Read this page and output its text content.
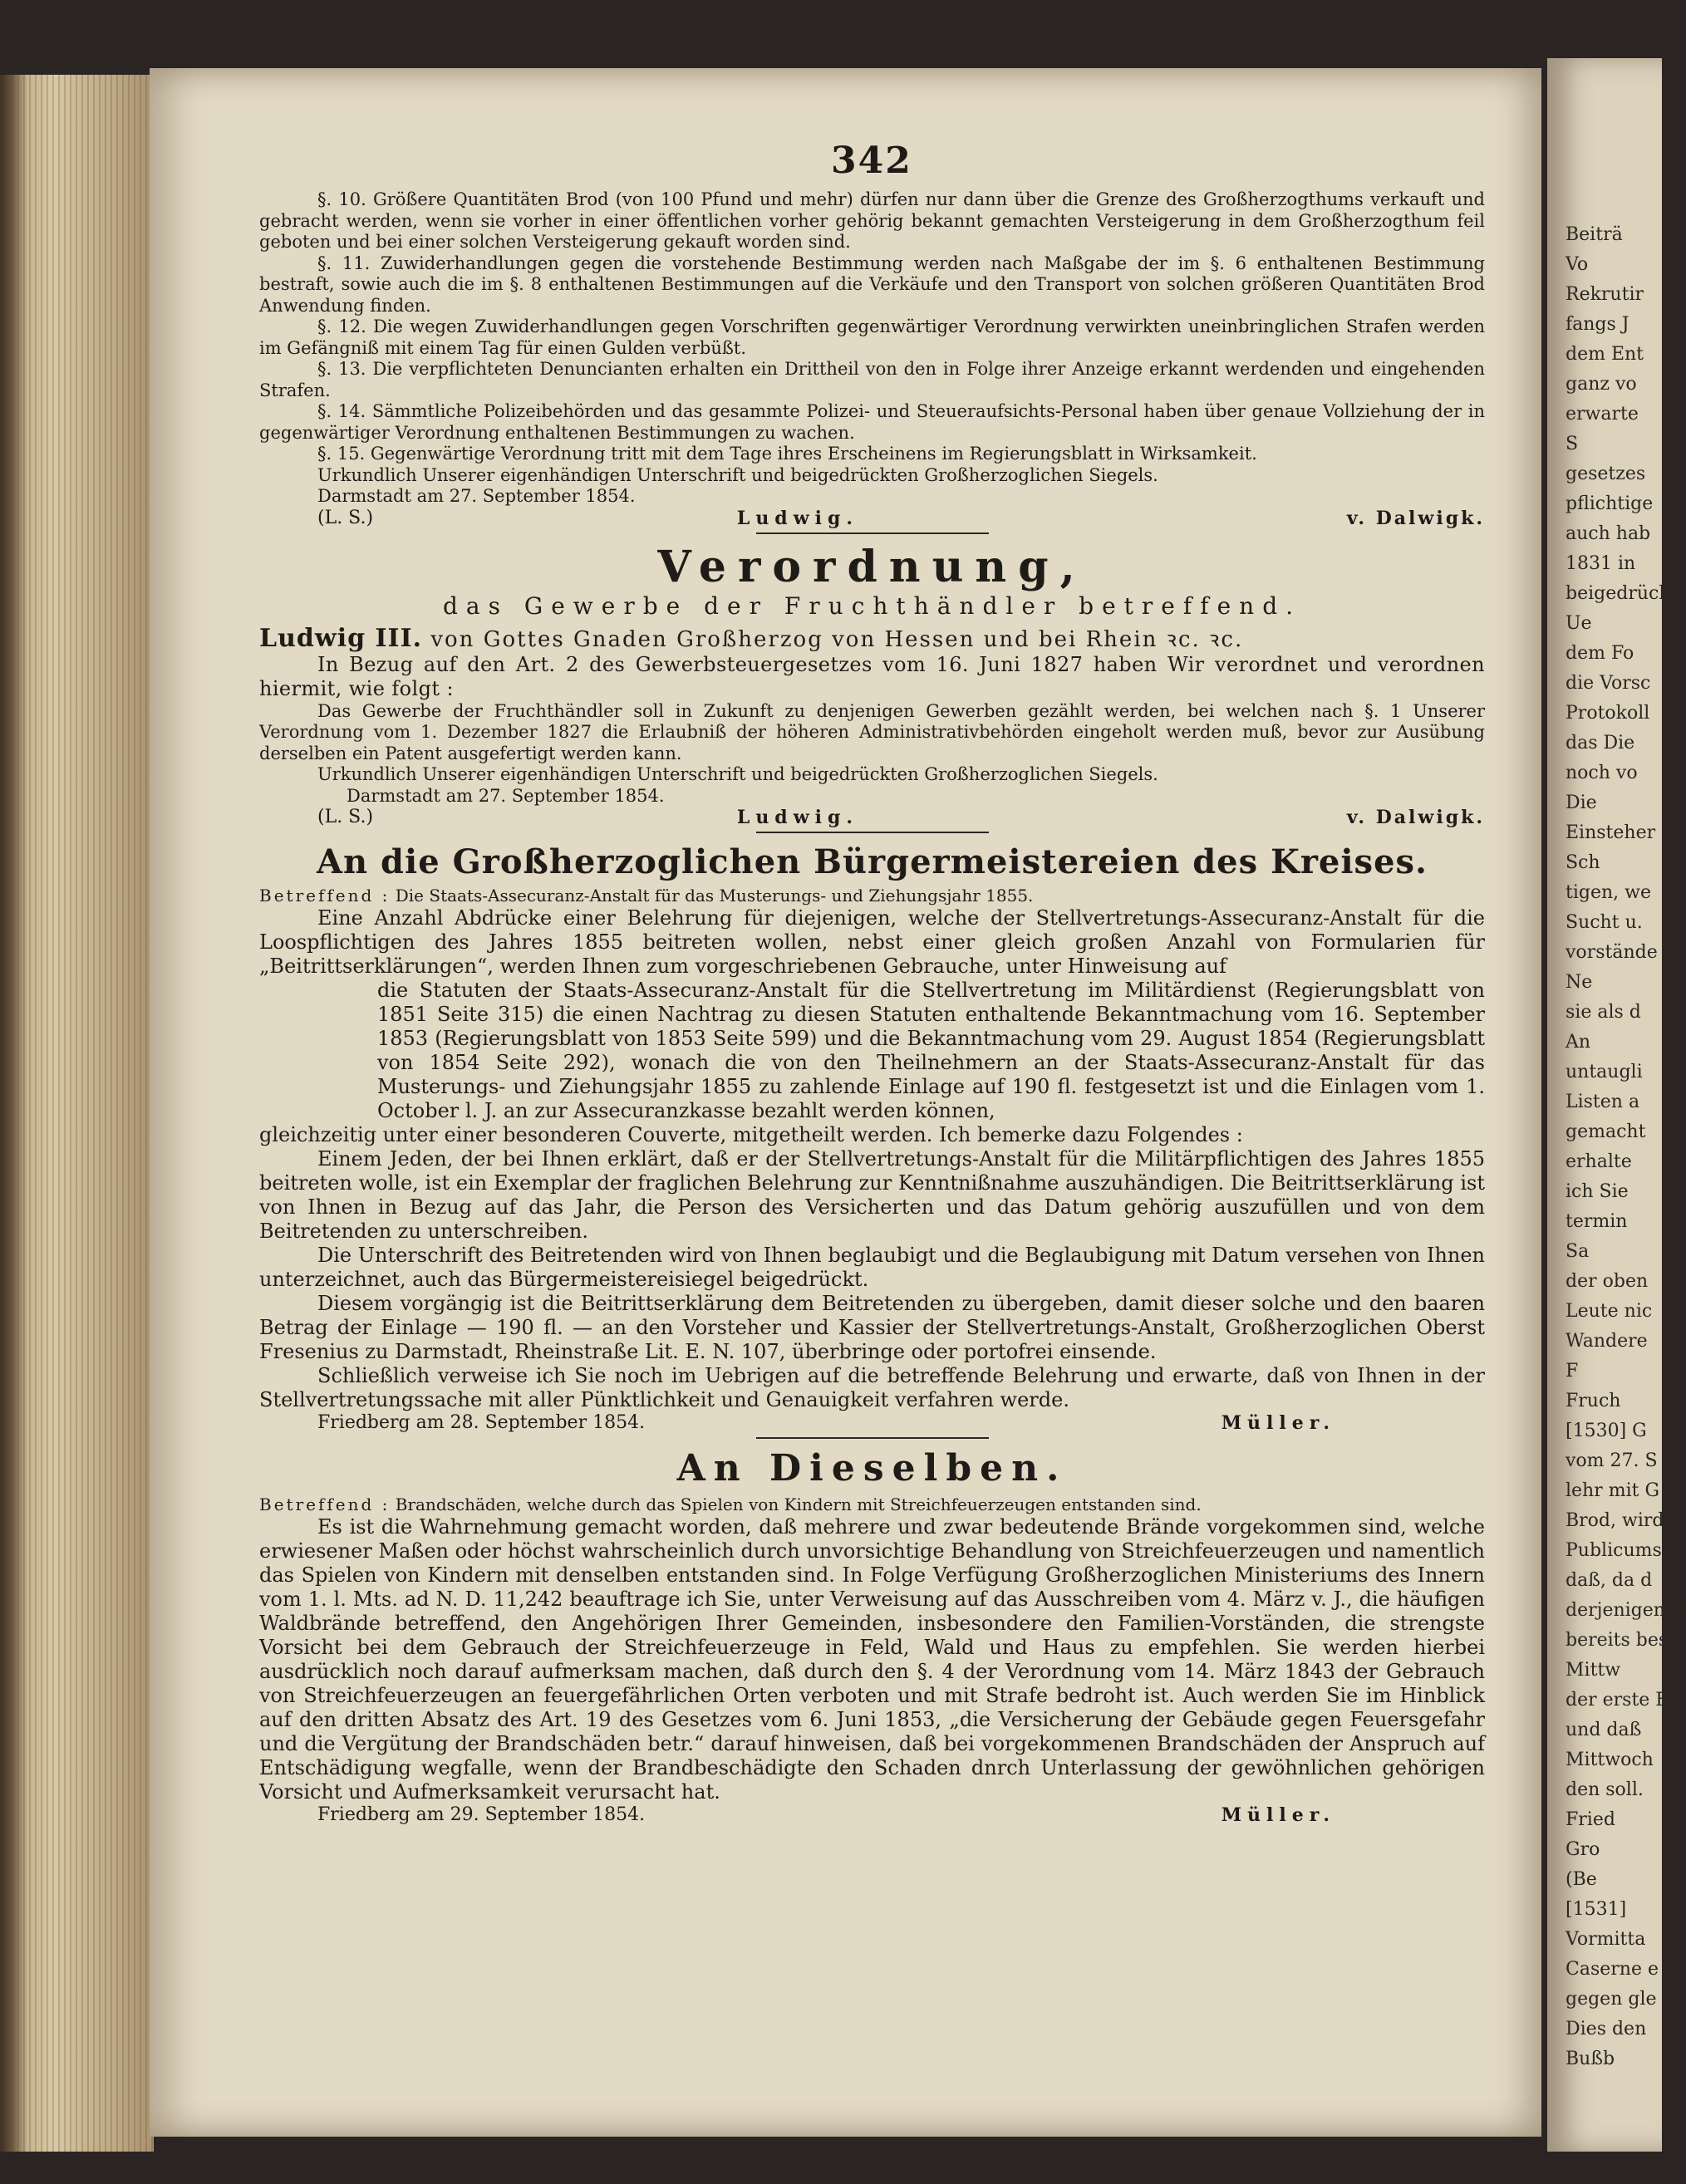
Beiträ
Vo
Rekrutir
fangs J
dem Ent
ganz vo
erwarte
S
gesetzes
pflichtige
auch hab
1831 in
beigedrück
Ue
dem Fo
die Vorsc
Protokoll
das Die
noch vo
Die
Einsteher
Sch
tigen, we
Sucht u.
vorstände
Ne
sie als d
An
untaugli
Listen a
gemacht
erhalte
ich Sie
termin
Sa
der oben
Leute nic
Wandere
F
Fruch
[1530] G
vom 27. S
lehr mit G
Brod, wird
Publicums
daß, da d
derjenigen D
bereits bes
Mittw
der erste F
und daß
Mittwoch
den soll.
Fried
Gro
(Be
[1531]
Vormitta
Caserne e
gegen gle
Dies den
Bußb
342

§. 10. Größere Quantitäten Brod (von 100 Pfund und mehr) dürfen nur dann über die Grenze des Großherzogthums verkauft und gebracht werden, wenn sie vorher in einer öffentlichen vorher gehörig bekannt gemachten Versteigerung in dem Großherzogthum feil geboten und bei einer solchen Versteigerung gekauft worden sind.

§. 11. Zuwiderhandlungen gegen die vorstehende Bestimmung werden nach Maßgabe der im §. 6 enthaltenen Bestimmung bestraft, sowie auch die im §. 8 enthaltenen Bestimmungen auf die Verkäufe und den Transport von solchen größeren Quantitäten Brod Anwendung finden.

§. 12. Die wegen Zuwiderhandlungen gegen Vorschriften gegenwärtiger Verordnung verwirkten uneinbringlichen Strafen werden im Gefängniß mit einem Tag für einen Gulden verbüßt.

§. 13. Die verpflichteten Denuncianten erhalten ein Drittheil von den in Folge ihrer Anzeige erkannt werdenden und eingehenden Strafen.

§. 14. Sämmtliche Polizeibehörden und das gesammte Polizei- und Steueraufsichts-Personal haben über genaue Vollziehung der in gegenwärtiger Verordnung enthaltenen Bestimmungen zu wachen.

§. 15. Gegenwärtige Verordnung tritt mit dem Tage ihres Erscheinens im Regierungsblatt in Wirksamkeit.

Urkundlich Unserer eigenhändigen Unterschrift und beigedrückten Großherzoglichen Siegels.

Darmstadt am 27. September 1854.

(L. S.)	Ludwig.	v. Dalwigk.
Verordnung,
das Gewerbe der Fruchthändler betreffend.
Ludwig III. von Gottes Gnaden Großherzog von Hessen und bei Rhein ꝛc. ꝛc.

In Bezug auf den Art. 2 des Gewerbsteuergesetzes vom 16. Juni 1827 haben Wir verordnet und verordnen hiermit, wie folgt :

Das Gewerbe der Fruchthändler soll in Zukunft zu denjenigen Gewerben gezählt werden, bei welchen nach §. 1 Unserer Verordnung vom 1. Dezember 1827 die Erlaubniß der höheren Administrativbehörden eingeholt werden muß, bevor zur Ausübung derselben ein Patent ausgefertigt werden kann.

Urkundlich Unserer eigenhändigen Unterschrift und beigedrückten Großherzoglichen Siegels.

Darmstadt am 27. September 1854.

(L. S.)	Ludwig.	v. Dalwigk.
An die Großherzoglichen Bürgermeistereien des Kreises.
Betreffend : Die Staats-Assecuranz-Anstalt für das Musterungs- und Ziehungsjahr 1855.

Eine Anzahl Abdrücke einer Belehrung für diejenigen, welche der Stellvertretungs-Assecuranz-Anstalt für die Loospflichtigen des Jahres 1855 beitreten wollen, nebst einer gleich großen Anzahl von Formularien für „Beitrittserklärungen“, werden Ihnen zum vorgeschriebenen Gebrauche, unter Hinweisung auf

die Statuten der Staats-Assecuranz-Anstalt für die Stellvertretung im Militärdienst (Regierungsblatt von 1851 Seite 315) die einen Nachtrag zu diesen Statuten enthaltende Bekanntmachung vom 16. September 1853 (Regierungsblatt von 1853 Seite 599) und die Bekanntmachung vom 29. August 1854 (Regierungsblatt von 1854 Seite 292), wonach die von den Theilnehmern an der Staats-Assecuranz-Anstalt für das Musterungs- und Ziehungsjahr 1855 zu zahlende Einlage auf 190 fl. festgesetzt ist und die Einlagen vom 1. October l. J. an zur Assecuranzkasse bezahlt werden können,

gleichzeitig unter einer besonderen Couverte, mitgetheilt werden. Ich bemerke dazu Folgendes :

Einem Jeden, der bei Ihnen erklärt, daß er der Stellvertretungs-Anstalt für die Militärpflichtigen des Jahres 1855 beitreten wolle, ist ein Exemplar der fraglichen Belehrung zur Kenntnißnahme auszuhändigen. Die Beitrittserklärung ist von Ihnen in Bezug auf das Jahr, die Person des Versicherten und das Datum gehörig auszufüllen und von dem Beitretenden zu unterschreiben.

Die Unterschrift des Beitretenden wird von Ihnen beglaubigt und die Beglaubigung mit Datum versehen von Ihnen unterzeichnet, auch das Bürgermeistereisiegel beigedrückt.

Diesem vorgängig ist die Beitrittserklärung dem Beitretenden zu übergeben, damit dieser solche und den baaren Betrag der Einlage — 190 fl. — an den Vorsteher und Kassier der Stellvertretungs-Anstalt, Großherzoglichen Oberst Fresenius zu Darmstadt, Rheinstraße Lit. E. N. 107, überbringe oder portofrei einsende.

Schließlich verweise ich Sie noch im Uebrigen auf die betreffende Belehrung und erwarte, daß von Ihnen in der Stellvertretungssache mit aller Pünktlichkeit und Genauigkeit verfahren werde.

Friedberg am 28. September 1854.	Müller.
An Dieselben.
Betreffend : Brandschäden, welche durch das Spielen von Kindern mit Streichfeuerzeugen entstanden sind.

Es ist die Wahrnehmung gemacht worden, daß mehrere und zwar bedeutende Brände vorgekommen sind, welche erwiesener Maßen oder höchst wahrscheinlich durch unvorsichtige Behandlung von Streichfeuerzeugen und namentlich das Spielen von Kindern mit denselben entstanden sind. In Folge Verfügung Großherzoglichen Ministeriums des Innern vom 1. l. Mts. ad N. D. 11,242 beauftrage ich Sie, unter Verweisung auf das Ausschreiben vom 4. März v. J., die häufigen Waldbrände betreffend, den Angehörigen Ihrer Gemeinden, insbesondere den Familien-Vorständen, die strengste Vorsicht bei dem Gebrauch der Streichfeuerzeuge in Feld, Wald und Haus zu empfehlen. Sie werden hierbei ausdrücklich noch darauf aufmerksam machen, daß durch den §. 4 der Verordnung vom 14. März 1843 der Gebrauch von Streichfeuerzeugen an feuergefährlichen Orten verboten und mit Strafe bedroht ist. Auch werden Sie im Hinblick auf den dritten Absatz des Art. 19 des Gesetzes vom 6. Juni 1853, „die Versicherung der Gebäude gegen Feuersgefahr und die Vergütung der Brandschäden betr.“ darauf hinweisen, daß bei vorgekommenen Brandschäden der Anspruch auf Entschädigung wegfalle, wenn der Brandbeschädigte den Schaden dnrch Unterlassung der gewöhnlichen gehörigen Vorsicht und Aufmerksamkeit verursacht hat.

Friedberg am 29. September 1854.	Müller.
